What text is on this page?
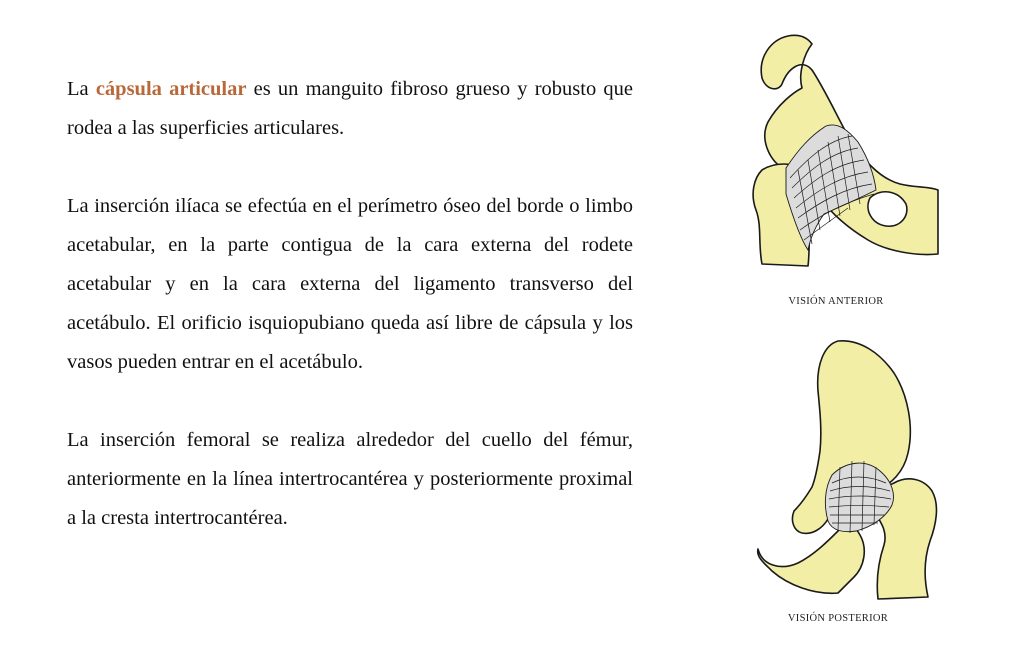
La cápsula articular es un manguito fibroso grueso y robusto que rodea a las superficies articulares.

La inserción ilíaca se efectúa en el perímetro óseo del borde o limbo acetabular, en la parte contigua de la cara externa del rodete acetabular y en la cara externa del ligamento transverso del acetábulo. El orificio isquiopubiano queda así libre de cápsula y los vasos pueden entrar en el acetábulo.

La inserción femoral se realiza alrededor del cuello del fémur, anteriormente en la línea intertrocantérea y posteriormente proximal a la cresta intertrocantérea.

VISIÓN ANTERIOR
VISIÓN POSTERIOR
